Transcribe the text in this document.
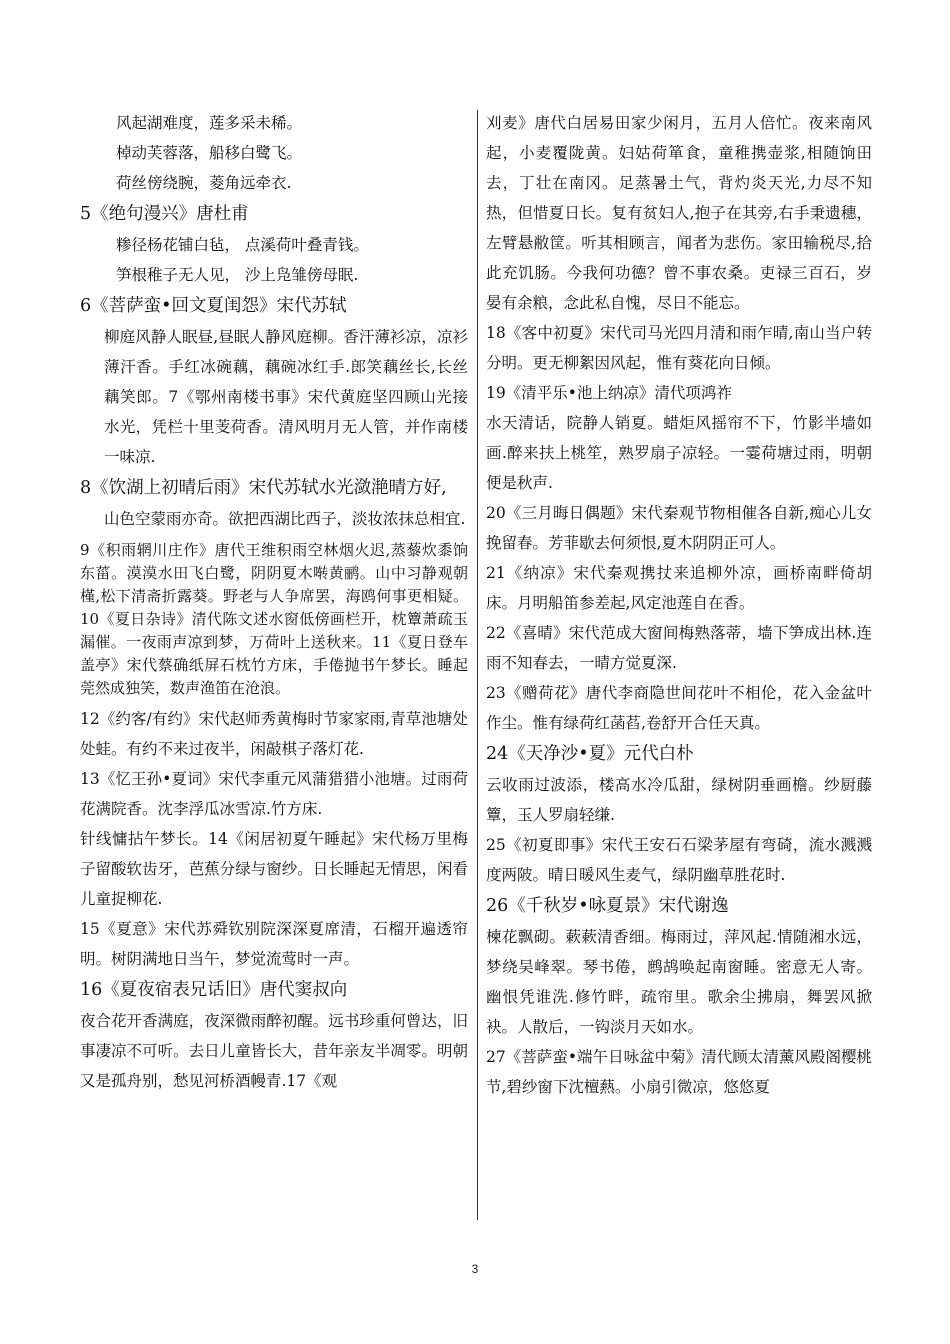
风起湖难度，莲多采未稀。

棹动芙蓉落，船移白鹭飞。

荷丝傍绕腕，菱角远牵衣.

5《绝句漫兴》唐杜甫

糁径杨花铺白毡， 点溪荷叶叠青钱。

笋根稚子无人见， 沙上凫雏傍母眠.

6《菩萨蛮•回文夏闺怨》宋代苏轼

柳庭风静人眠昼,昼眠人静风庭柳。香汗薄衫凉，凉衫薄汗香。手红冰碗藕，藕碗冰红手.郎笑藕丝长,长丝藕笑郎。7《鄂州南楼书事》宋代黄庭坚四顾山光接水光，凭栏十里芰荷香。清风明月无人管，并作南楼一味凉.

8《饮湖上初晴后雨》宋代苏轼水光潋滟晴方好,

山色空蒙雨亦奇。欲把西湖比西子，淡妆浓抹总相宜.

9《积雨辋川庄作》唐代王维积雨空林烟火迟,蒸藜炊黍饷东菑。漠漠水田飞白鹭，阴阴夏木啭黄鹂。山中习静观朝槿,松下清斋折露葵。野老与人争席罢，海鸥何事更相疑。10《夏日杂诗》清代陈文述水窗低傍画栏开，枕簟萧疏玉漏催。一夜雨声凉到梦，万荷叶上送秋来。11《夏日登车盖亭》宋代蔡确纸屏石枕竹方床，手倦抛书午梦长。睡起莞然成独笑，数声渔笛在沧浪。

12《约客/有约》宋代赵师秀黄梅时节家家雨,青草池塘处处蛙。有约不来过夜半，闲敲棋子落灯花.

13《忆王孙•夏词》宋代李重元风蒲猎猎小池塘。过雨荷花满院香。沈李浮瓜冰雪凉.竹方床.

针线慵拈午梦长。14《闲居初夏午睡起》宋代杨万里梅子留酸软齿牙，芭蕉分绿与窗纱。日长睡起无情思，闲看儿童捉柳花.

15《夏意》宋代苏舜钦别院深深夏席清，石榴开遍透帘明。树阴满地日当午，梦觉流莺时一声。

16《夏夜宿表兄话旧》唐代窦叔向

夜合花开香满庭，夜深微雨醉初醒。远书珍重何曾达，旧事凄凉不可听。去日儿童皆长大，昔年亲友半凋零。明朝又是孤舟别，愁见河桥酒幔青.17《观

刈麦》唐代白居易田家少闲月，五月人倍忙。夜来南风起，小麦覆陇黄。妇姑荷箪食，童稚携壶浆,相随饷田去，丁壮在南冈。足蒸暑土气，背灼炎天光,力尽不知热，但惜夏日长。复有贫妇人,抱子在其旁,右手秉遗穗，左臂悬敝筐。听其相顾言，闻者为悲伤。家田输税尽,拾此充饥肠。今我何功德？曾不事农桑。吏禄三百石，岁晏有余粮，念此私自愧，尽日不能忘。

18《客中初夏》宋代司马光四月清和雨乍晴,南山当户转分明。更无柳絮因风起，惟有葵花向日倾。

19《清平乐•池上纳凉》清代项鸿祚

水天清话，院静人销夏。蜡炬风摇帘不下，竹影半墙如画.醉来扶上桃笙，熟罗扇子凉轻。一霎荷塘过雨，明朝便是秋声.

20《三月晦日偶题》宋代秦观节物相催各自新,痴心儿女挽留春。芳菲歇去何须恨,夏木阴阴正可人。

21《纳凉》宋代秦观携扙来追柳外凉，画桥南畔倚胡床。月明船笛参差起,风定池莲自在香。

22《喜晴》宋代范成大窗间梅熟落蒂，墙下笋成出林.连雨不知春去，一晴方觉夏深.

23《赠荷花》唐代李商隐世间花叶不相伦，花入金盆叶作尘。惟有绿荷红菡萏,卷舒开合任天真。

24《天净沙•夏》元代白朴

云收雨过波添，楼高水冷瓜甜，绿树阴垂画檐。纱厨藤簟，玉人罗扇轻缣.

25《初夏即事》宋代王安石石梁茅屋有弯碕，流水溅溅度两陂。晴日暖风生麦气，绿阴幽草胜花时.

26《千秋岁•咏夏景》宋代谢逸

楝花飘砌。蔌蔌清香细。梅雨过，萍风起.情随湘水远，梦绕吴峰翠。琴书倦，鹧鸪唤起南窗睡。密意无人寄。幽恨凭谁洗.修竹畔，疏帘里。歌余尘拂扇，舞罢风掀袂。人散后，一钩淡月天如水。

27《菩萨蛮•端午日咏盆中菊》清代顾太清薰风殿阁樱桃节,碧纱窗下沈檀爇。小扇引微凉，悠悠夏

3
